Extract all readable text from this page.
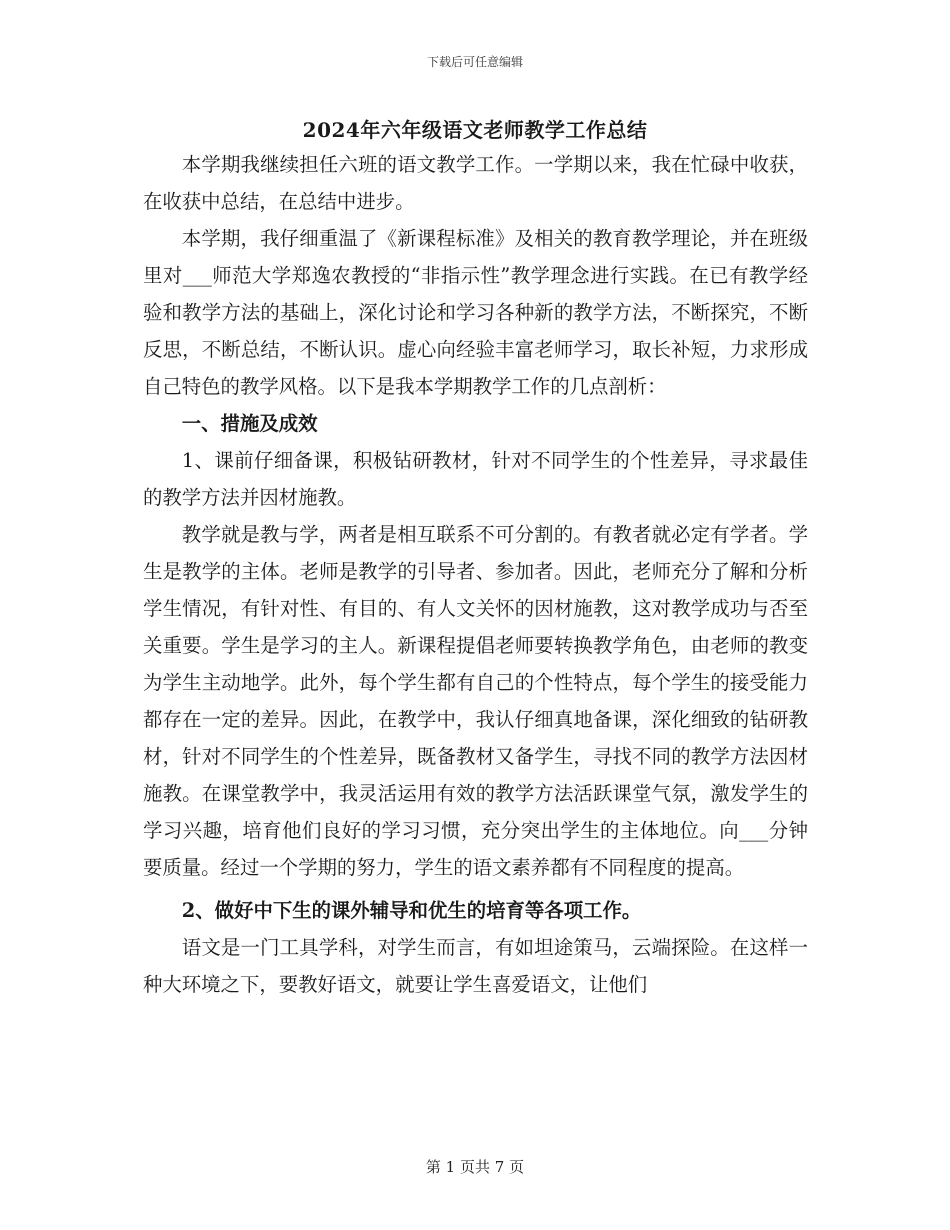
下载后可任意编辑
2024年六年级语文老师教学工作总结

本学期我继续担任六班的语文教学工作。一学期以来，我在忙碌中收获，在收获中总结，在总结中进步。

本学期，我仔细重温了《新课程标准》及相关的教育教学理论，并在班级里对___师范大学郑逸农教授的“非指示性”教学理念进行实践。在已有教学经验和教学方法的基础上，深化讨论和学习各种新的教学方法，不断探究，不断反思，不断总结，不断认识。虚心向经验丰富老师学习，取长补短，力求形成自己特色的教学风格。以下是我本学期教学工作的几点剖析：

一、措施及成效

1、课前仔细备课，积极钻研教材，针对不同学生的个性差异，寻求最佳的教学方法并因材施教。

教学就是教与学，两者是相互联系不可分割的。有教者就必定有学者。学生是教学的主体。老师是教学的引导者、参加者。因此，老师充分了解和分析学生情况，有针对性、有目的、有人文关怀的因材施教，这对教学成功与否至关重要。学生是学习的主人。新课程提倡老师要转换教学角色，由老师的教变为学生主动地学。此外，每个学生都有自己的个性特点，每个学生的接受能力都存在一定的差异。因此，在教学中，我认仔细真地备课，深化细致的钻研教材，针对不同学生的个性差异，既备教材又备学生，寻找不同的教学方法因材施教。在课堂教学中，我灵活运用有效的教学方法活跃课堂气氛，激发学生的学习兴趣，培育他们良好的学习习惯，充分突出学生的主体地位。向___分钟要质量。经过一个学期的努力，学生的语文素养都有不同程度的提高。

2、做好中下生的课外辅导和优生的培育等各项工作。

语文是一门工具学科，对学生而言，有如坦途策马，云端探险。在这样一种大环境之下，要教好语文，就要让学生喜爱语文，让他们

第 1 页共 7 页
